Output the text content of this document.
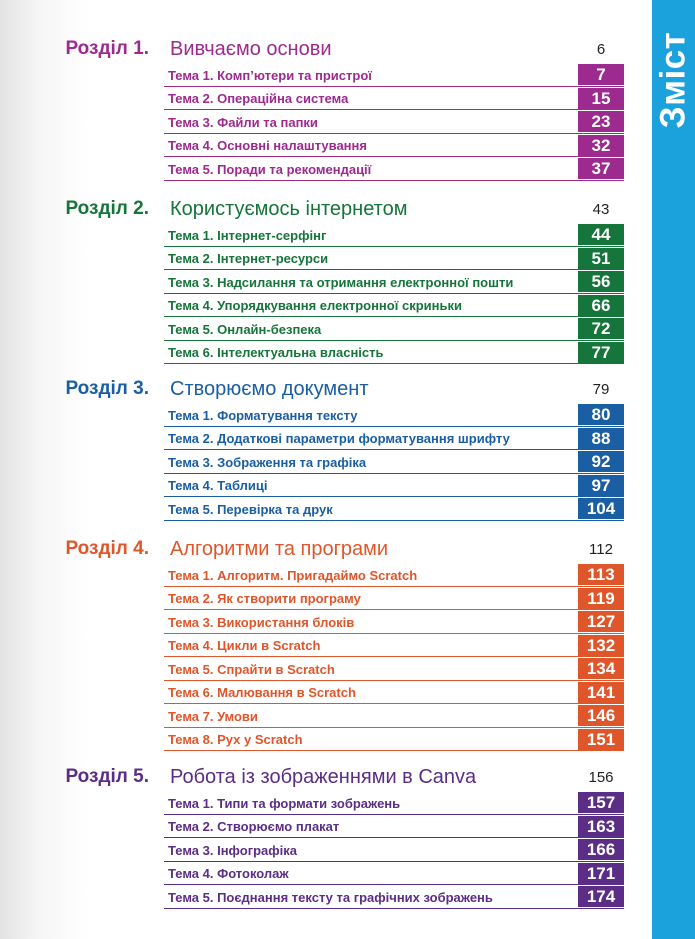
Зміст
Розділ 1. Вивчаємо основи	6
Тема 1. Комп’ютери та пристрої	7
Тема 2. Операційна система	15
Тема 3. Файли та папки	23
Тема 4. Основні налаштування	32
Тема 5. Поради та рекомендації	37
Розділ 2. Користуємось інтернетом	43
Тема 1. Інтернет-серфінг	44
Тема 2. Інтернет-ресурси	51
Тема 3. Надсилання та отримання електронної пошти	56
Тема 4. Упорядкування електронної скриньки	66
Тема 5. Онлайн-безпека	72
Тема 6. Інтелектуальна власність	77
Розділ 3. Створюємо документ	79
Тема 1. Форматування тексту	80
Тема 2. Додаткові параметри форматування шрифту	88
Тема 3. Зображення та графіка	92
Тема 4. Таблиці	97
Тема 5. Перевірка та друк	104
Розділ 4. Алгоритми та програми	112
Тема 1. Алгоритм. Пригадаймо Scratch	113
Тема 2. Як створити програму	119
Тема 3. Використання блоків	127
Тема 4. Цикли в Scratch	132
Тема 5. Спрайти в Scratch	134
Тема 6. Малювання в Scratch	141
Тема 7. Умови	146
Тема 8. Рух у Scratch	151
Розділ 5. Робота із зображеннями в Canva	156
Тема 1. Типи та формати зображень	157
Тема 2. Створюємо плакат	163
Тема 3. Інфографіка	166
Тема 4. Фотоколаж	171
Тема 5. Поєднання тексту та графічних зображень	174
